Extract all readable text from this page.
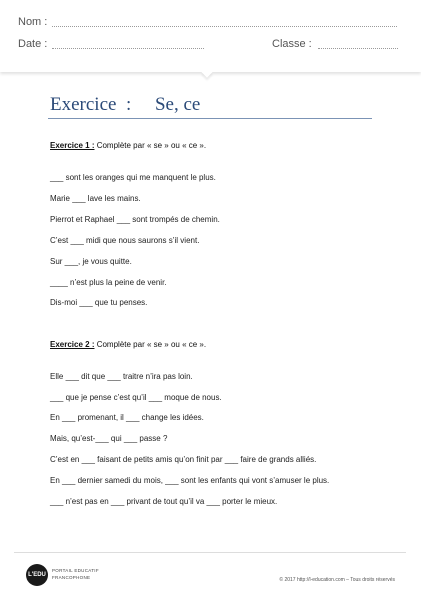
Nom :
Date :	Classe :
Exercice  :     Se, ce
Exercice 1 : Complète par « se » ou « ce ».
___ sont les oranges qui me manquent le plus.
Marie ___ lave les mains.
Pierrot et Raphael ___ sont trompés de chemin.
C’est ___ midi que nous saurons s’il vient.
Sur ___, je vous quitte.
____ n’est plus la peine de venir.
Dis-moi ___ que tu penses.
Exercice 2 : Complète par « se » ou « ce ».
Elle ___ dit que ___ traitre n’ira pas loin.
___ que je pense c’est qu’il ___ moque de nous.
En ___ promenant, il ___ change les idées.
Mais, qu’est-___ qui ___ passe ?
C’est en ___ faisant de petits amis qu’on finit par ___ faire de grands alliés.
En ___ dernier samedi du mois, ___ sont les enfants qui vont s’amuser le plus.
___ n’est pas en ___ privant de tout qu’il va ___ porter le mieux.
L'EDU
PORTAIL EDUCATIF
FRANCOPHONE	© 2017 http://l-education.com – Tous droits réservés
